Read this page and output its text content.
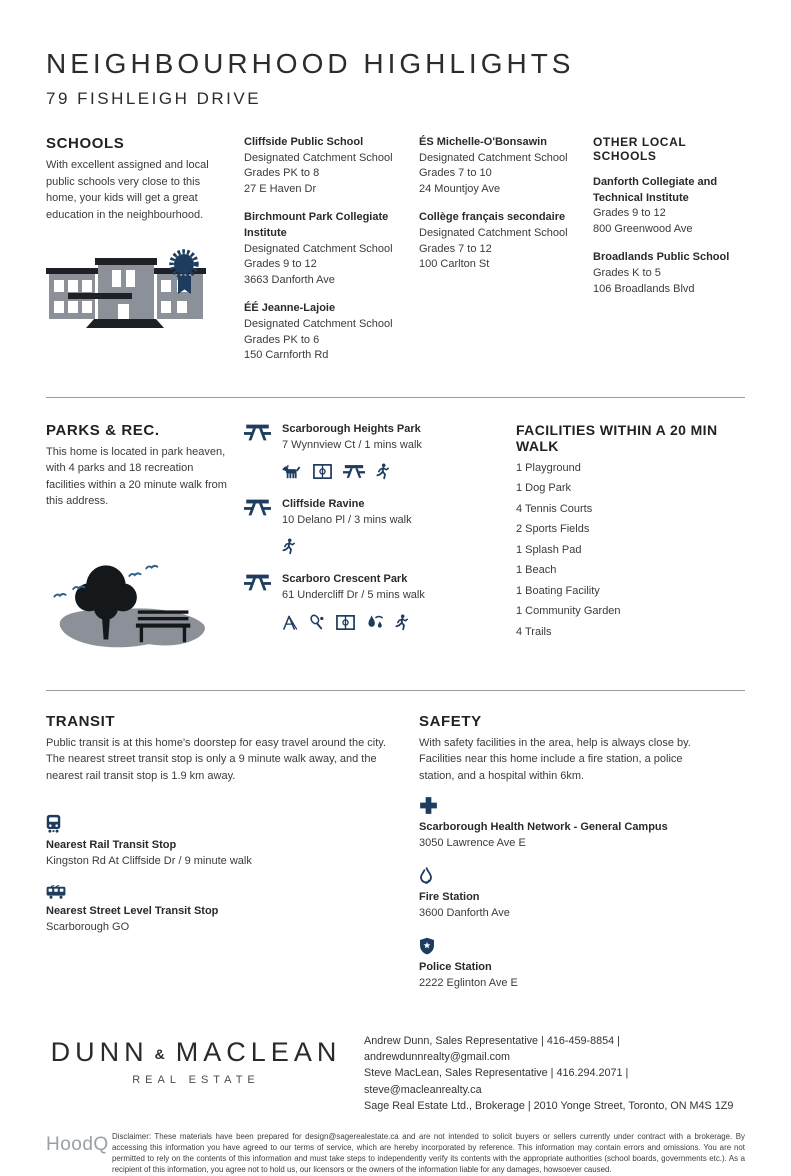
NEIGHBOURHOOD HIGHLIGHTS
79 FISHLEIGH DRIVE
SCHOOLS
With excellent assigned and local public schools very close to this home, your kids will get a great education in the neighbourhood.
Cliffside Public School
Designated Catchment School
Grades PK to 8
27 E Haven Dr
Birchmount Park Collegiate Institute
Designated Catchment School
Grades 9 to 12
3663 Danforth Ave
ÉÉ Jeanne-Lajoie
Designated Catchment School
Grades PK to 6
150 Carnforth Rd
ÉS Michelle-O'Bonsawin
Designated Catchment School
Grades 7 to 10
24 Mountjoy Ave
Collège français secondaire
Designated Catchment School
Grades 7 to 12
100 Carlton St
OTHER LOCAL SCHOOLS
Danforth Collegiate and Technical Institute
Grades 9 to 12
800 Greenwood Ave
Broadlands Public School
Grades K to 5
106 Broadlands Blvd
PARKS & REC.
This home is located in park heaven, with 4 parks and 18 recreation facilities within a 20 minute walk from this address.
Scarborough Heights Park
7 Wynnview Ct / 1 mins walk
Cliffside Ravine
10 Delano Pl / 3 mins walk
Scarboro Crescent Park
61 Undercliff Dr / 5 mins walk
FACILITIES WITHIN A 20 MIN WALK
1 Playground
1 Dog Park
4 Tennis Courts
2 Sports Fields
1 Splash Pad
1 Beach
1 Boating Facility
1 Community Garden
4 Trails
TRANSIT
Public transit is at this home's doorstep for easy travel around the city. The nearest street transit stop is only a 9 minute walk away, and the nearest rail transit stop is 1.9 km away.
Nearest Rail Transit Stop
Kingston Rd At Cliffside Dr / 9 minute walk
Nearest Street Level Transit Stop
Scarborough GO
SAFETY
With safety facilities in the area, help is always close by. Facilities near this home include a fire station, a police station, and a hospital within 6km.
Scarborough Health Network - General Campus
3050 Lawrence Ave E
Fire Station
3600 Danforth Ave
Police Station
2222 Eglinton Ave E
DUNN & MACLEAN
REAL ESTATE
Andrew Dunn, Sales Representative | 416-459-8854 | andrewdunnrealty@gmail.com
Steve MacLean, Sales Representative | 416.294.2071 | steve@macleanrealty.ca
Sage Real Estate Ltd., Brokerage | 2010 Yonge Street, Toronto, ON M4S 1Z9
HoodQ Disclaimer: These materials have been prepared for design@sagerealestate.ca and are not intended to solicit buyers or sellers currently under contract with a brokerage. By accessing this information you have agreed to our terms of service, which are hereby incorporated by reference. This information may contain errors and omissions. You are not permitted to rely on the contents of this information and must take steps to independently verify its contents with the appropriate authorities (school boards, governments etc.). As a recipient of this information, you agree not to hold us, our licensors or the owners of the information liable for any damages, howsoever caused.
